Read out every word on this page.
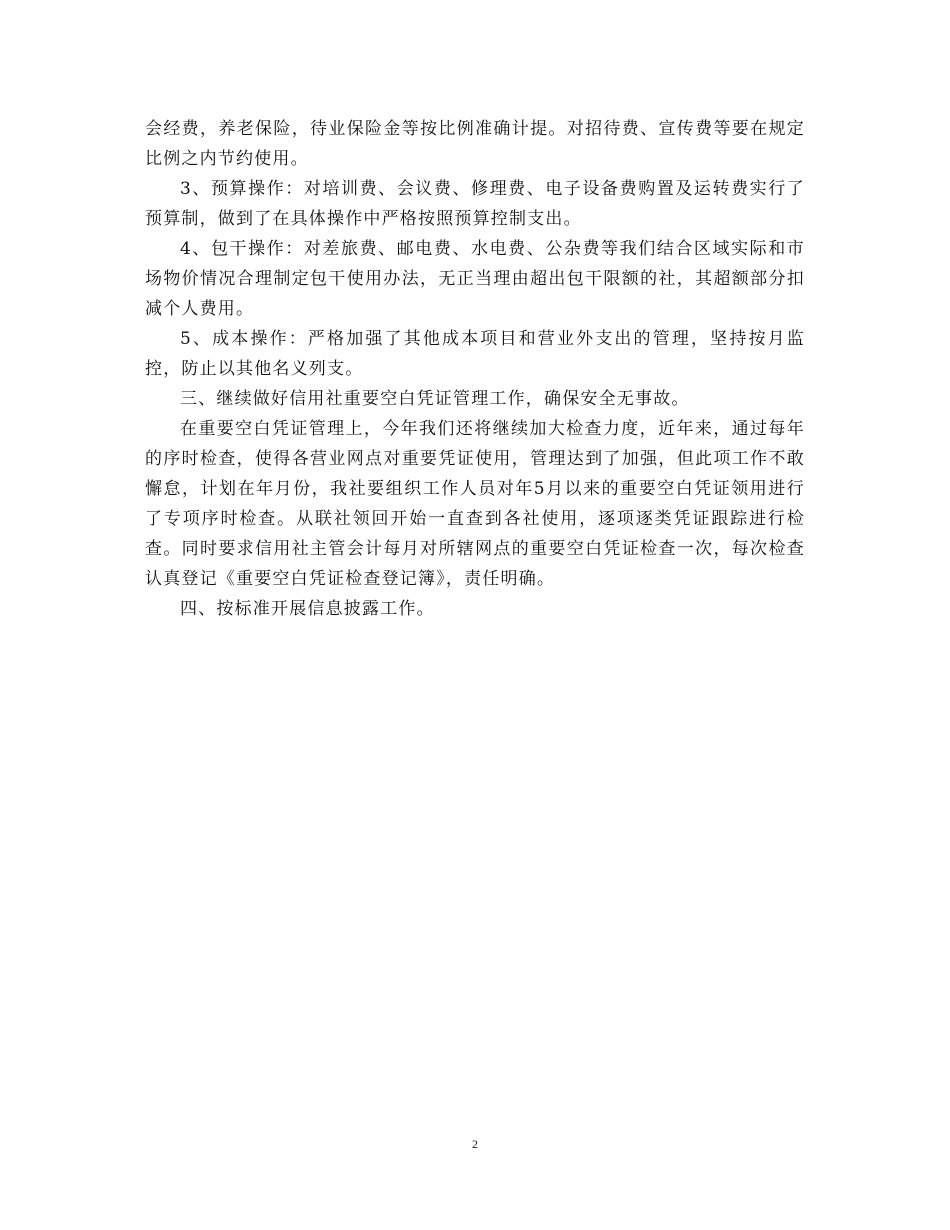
会经费，养老保险，待业保险金等按比例准确计提。对招待费、宣传费等要在规定比例之内节约使用。

3、预算操作：对培训费、会议费、修理费、电子设备费购置及运转费实行了预算制，做到了在具体操作中严格按照预算控制支出。

4、包干操作：对差旅费、邮电费、水电费、公杂费等我们结合区域实际和市场物价情况合理制定包干使用办法，无正当理由超出包干限额的社，其超额部分扣减个人费用。

5、成本操作：严格加强了其他成本项目和营业外支出的管理，坚持按月监控，防止以其他名义列支。

三、继续做好信用社重要空白凭证管理工作，确保安全无事故。

在重要空白凭证管理上，今年我们还将继续加大检查力度，近年来，通过每年的序时检查，使得各营业网点对重要凭证使用，管理达到了加强，但此项工作不敢懈怠，计划在年月份，我社要组织工作人员对年5月以来的重要空白凭证领用进行了专项序时检查。从联社领回开始一直查到各社使用，逐项逐类凭证跟踪进行检查。同时要求信用社主管会计每月对所辖网点的重要空白凭证检查一次，每次检查认真登记《重要空白凭证检查登记簿》，责任明确。

四、按标准开展信息披露工作。

2
